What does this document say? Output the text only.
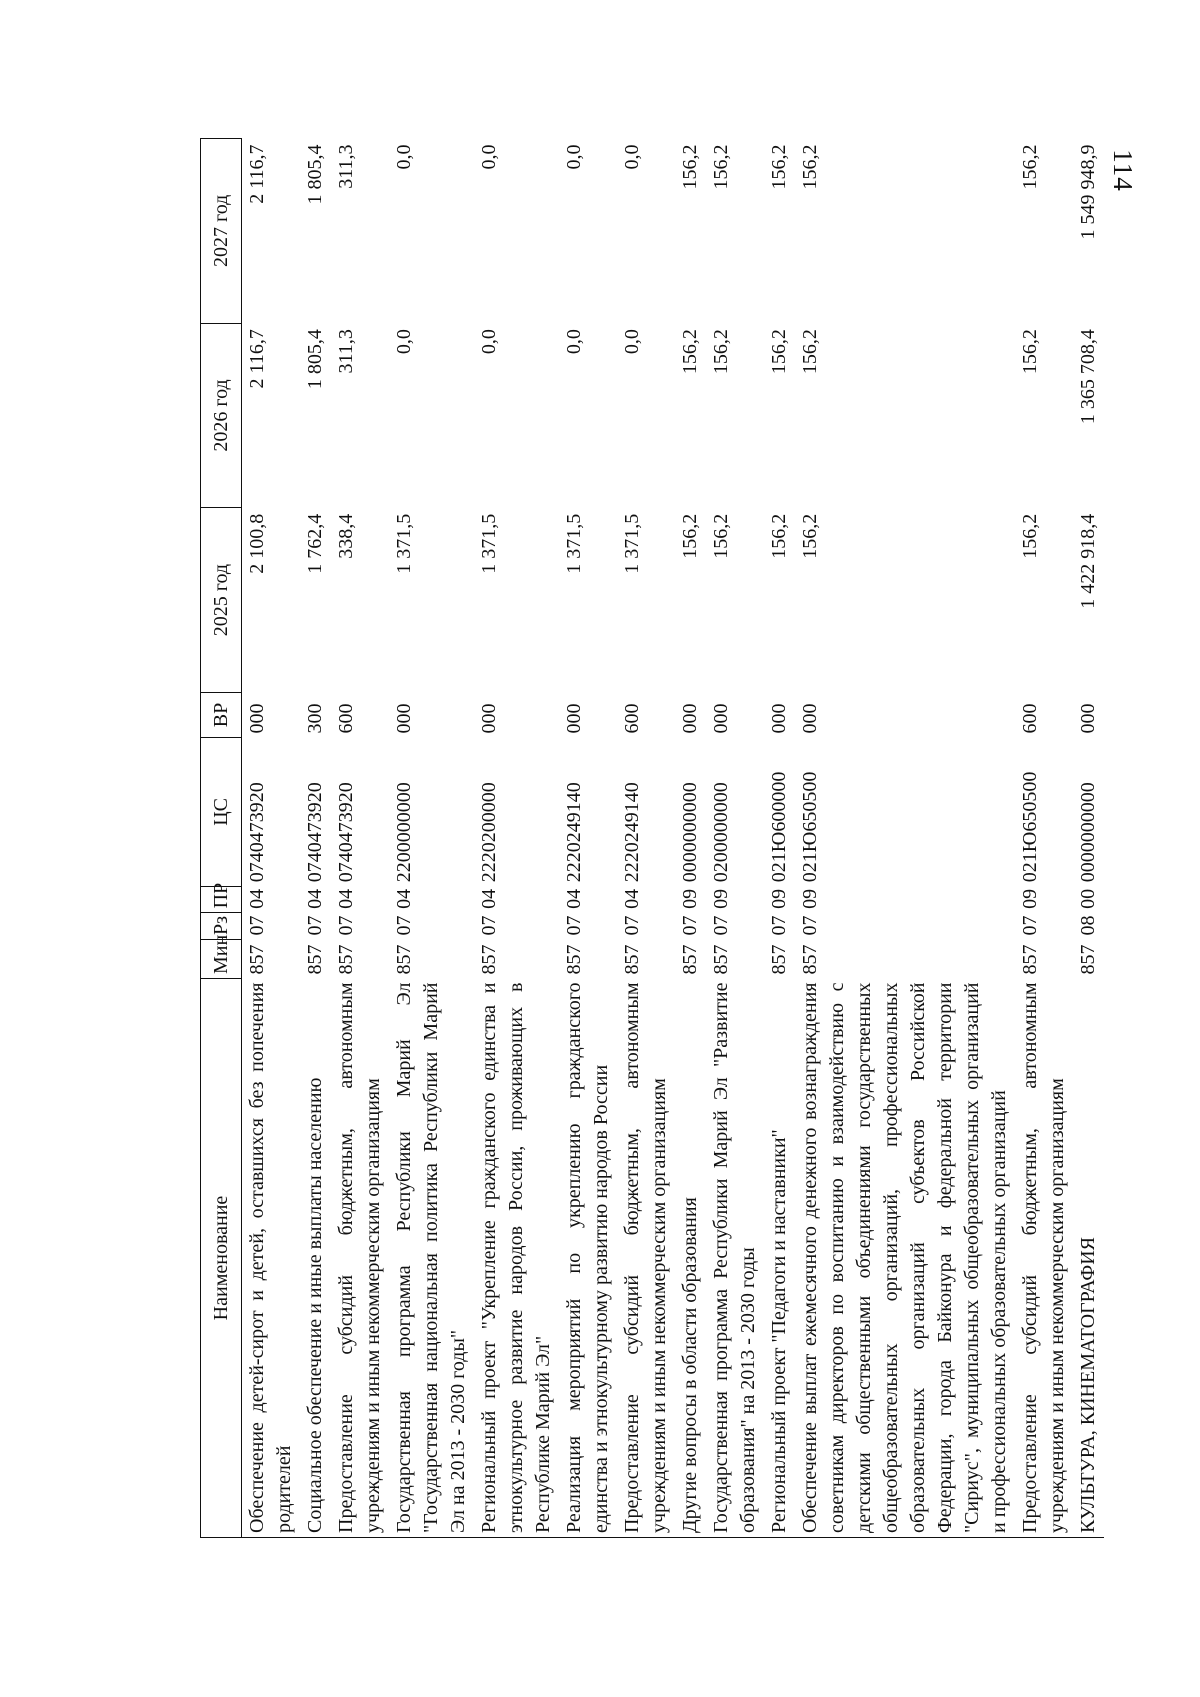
114
Наименование	Мин	Рз	ПР	ЦС	ВР	2025 год	2026 год	2027 год
Обеспечение детей-сирот и детей, оставшихся без попечения родителей	857	07	04	0740473920	000	2 100,8	2 116,7	2 116,7
Социальное обеспечение и иные выплаты населению	857	07	04	0740473920	300	1 762,4	1 805,4	1 805,4
Предоставление субсидий бюджетным, автономным учреждениям и иным некоммерческим организациям	857	07	04	0740473920	600	338,4	311,3	311,3
Государственная программа Республики Марий Эл "Государственная национальная политика Республики Марий Эл на 2013 - 2030 годы"	857	07	04	2200000000	000	1 371,5	0,0	0,0
Региональный проект "Укрепление гражданского единства и этнокультурное развитие народов России, проживающих в Республике Марий Эл"	857	07	04	2220200000	000	1 371,5	0,0	0,0
Реализация мероприятий по укреплению гражданского единства и этнокультурному развитию народов России	857	07	04	2220249140	000	1 371,5	0,0	0,0
Предоставление субсидий бюджетным, автономным учреждениям и иным некоммерческим организациям	857	07	04	2220249140	600	1 371,5	0,0	0,0
Другие вопросы в области образования	857	07	09	0000000000	000	156,2	156,2	156,2
Государственная программа Республики Марий Эл "Развитие образования" на 2013 - 2030 годы	857	07	09	0200000000	000	156,2	156,2	156,2
Региональный проект "Педагоги и наставники"	857	07	09	021Ю600000	000	156,2	156,2	156,2
Обеспечение выплат ежемесячного денежного вознаграждения советникам директоров по воспитанию и взаимодействию с детскими общественными объединениями государственных общеобразовательных организаций, профессиональных образовательных организаций субъектов Российской Федерации, города Байконура и федеральной территории "Сириус", муниципальных общеобразовательных организаций и профессиональных образовательных организаций	857	07	09	021Ю650500	000	156,2	156,2	156,2
Предоставление субсидий бюджетным, автономным учреждениям и иным некоммерческим организациям	857	07	09	021Ю650500	600	156,2	156,2	156,2
КУЛЬТУРА, КИНЕМАТОГРАФИЯ	857	08	00	0000000000	000	1 422 918,4	1 365 708,4	1 549 948,9
